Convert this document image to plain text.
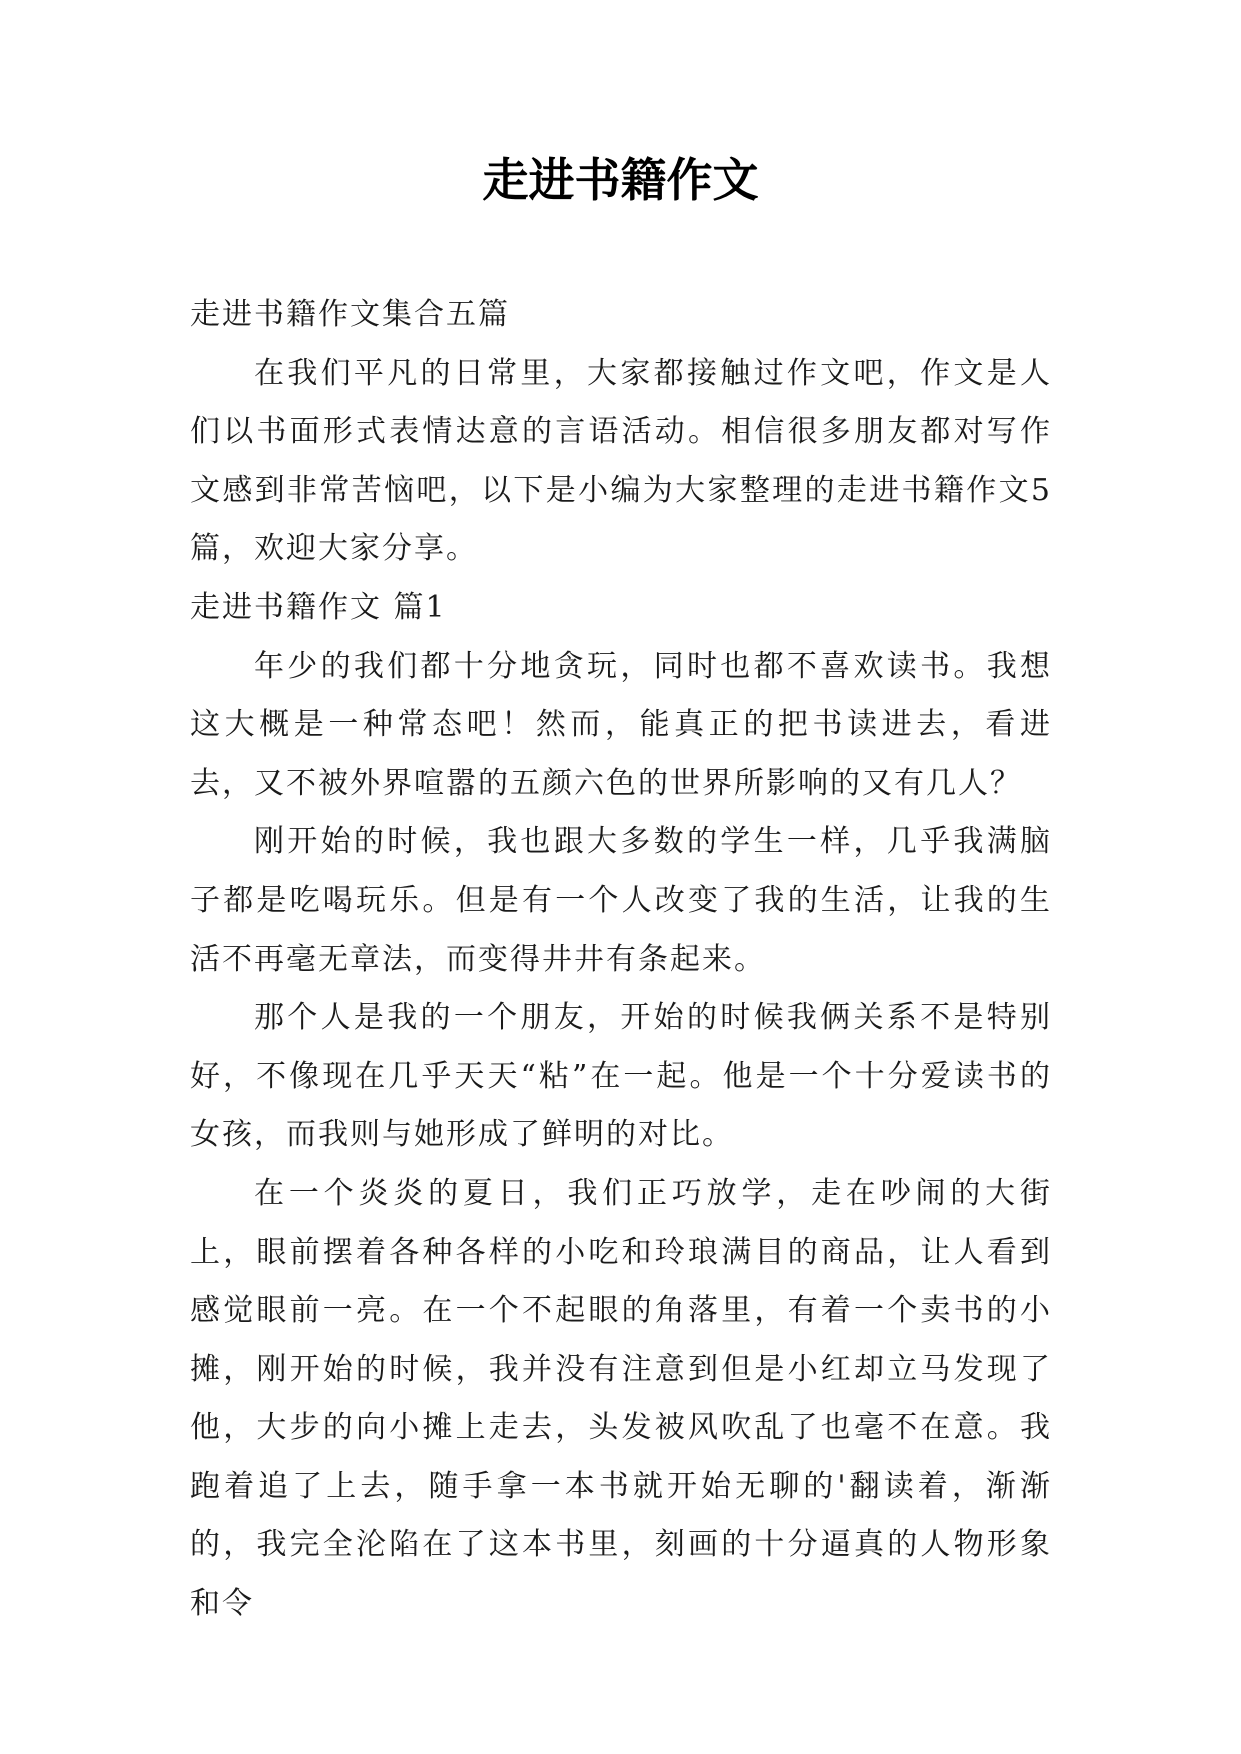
走进书籍作文

走进书籍作文集合五篇

在我们平凡的日常里，大家都接触过作文吧，作文是人们以书面形式表情达意的言语活动。相信很多朋友都对写作文感到非常苦恼吧，以下是小编为大家整理的走进书籍作文5篇，欢迎大家分享。

走进书籍作文 篇1

年少的我们都十分地贪玩，同时也都不喜欢读书。我想这大概是一种常态吧！然而，能真正的把书读进去，看进去，又不被外界喧嚣的五颜六色的世界所影响的又有几人？

刚开始的时候，我也跟大多数的学生一样，几乎我满脑子都是吃喝玩乐。但是有一个人改变了我的生活，让我的生活不再毫无章法，而变得井井有条起来。

那个人是我的一个朋友，开始的时候我俩关系不是特别好，不像现在几乎天天“粘”在一起。他是一个十分爱读书的女孩，而我则与她形成了鲜明的对比。

在一个炎炎的夏日，我们正巧放学，走在吵闹的大街上，眼前摆着各种各样的小吃和玲琅满目的商品，让人看到感觉眼前一亮。在一个不起眼的角落里，有着一个卖书的小摊，刚开始的时候，我并没有注意到但是小红却立马发现了他，大步的向小摊上走去，头发被风吹乱了也毫不在意。我跑着追了上去，随手拿一本书就开始无聊的'翻读着，渐渐的，我完全沦陷在了这本书里，刻画的十分逼真的人物形象和令
